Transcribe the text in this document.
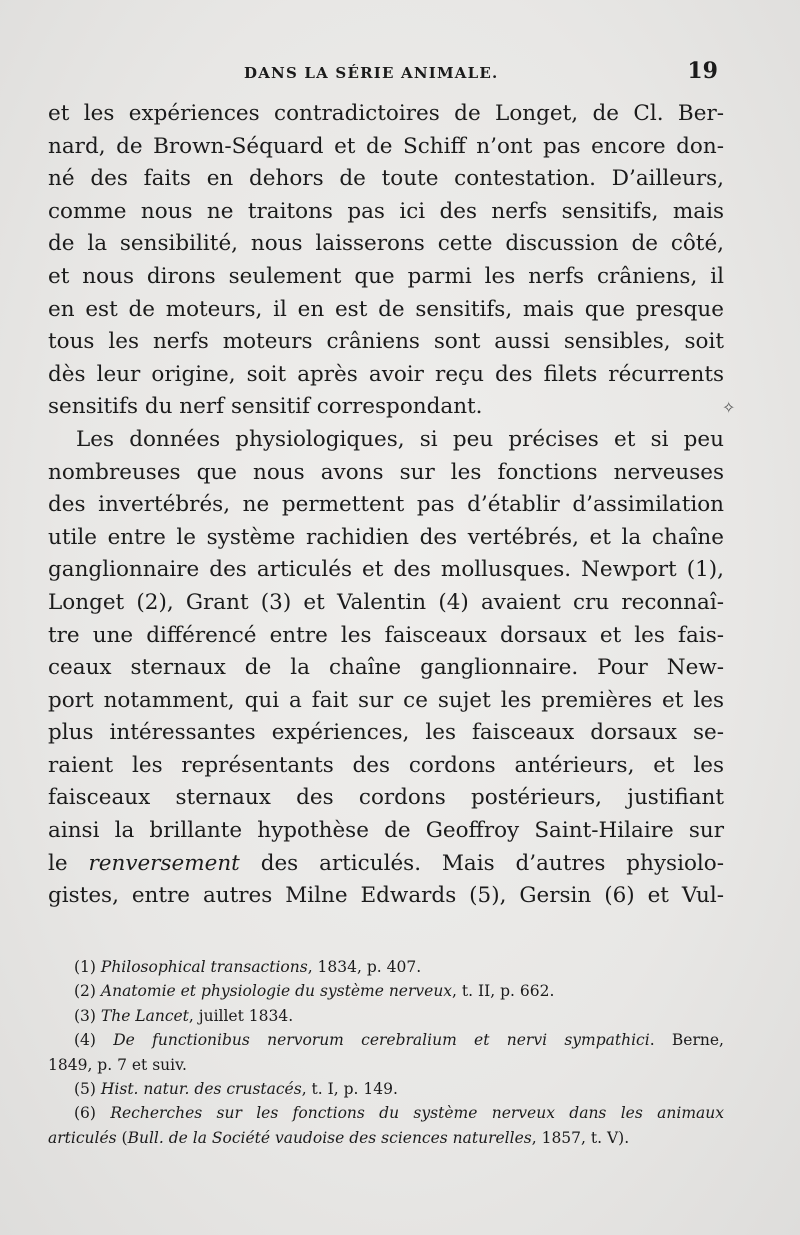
DANS LA SÉRIE ANIMALE.	19
et les expériences contradictoires de Longet, de Cl. Ber-
nard, de Brown-Séquard et de Schiff n’ont pas encore don-
né des faits en dehors de toute contestation. D’ailleurs,
comme nous ne traitons pas ici des nerfs sensitifs, mais
de la sensibilité, nous laisserons cette discussion de côté,
et nous dirons seulement que parmi les nerfs crâniens, il
en est de moteurs, il en est de sensitifs, mais que presque
tous les nerfs moteurs crâniens sont aussi sensibles, soit
dès leur origine, soit après avoir reçu des filets récurrents
sensitifs du nerf sensitif correspondant.
Les données physiologiques, si peu précises et si peu
nombreuses que nous avons sur les fonctions nerveuses
des invertébrés, ne permettent pas d’établir d’assimilation
utile entre le système rachidien des vertébrés, et la chaîne
ganglionnaire des articulés et des mollusques. Newport (1),
Longet (2), Grant (3) et Valentin (4) avaient cru reconnaî-
tre une différencé entre les faisceaux dorsaux et les fais-
ceaux sternaux de la chaîne ganglionnaire. Pour New-
port notamment, qui a fait sur ce sujet les premières et les
plus intéressantes expériences, les faisceaux dorsaux se-
raient les représentants des cordons antérieurs, et les
faisceaux sternaux des cordons postérieurs, justifiant
ainsi la brillante hypothèse de Geoffroy Saint-Hilaire sur
le renversement des articulés. Mais d’autres physiolo-
gistes, entre autres Milne Edwards (5), Gersin (6) et Vul-
(1) Philosophical transactions, 1834, p. 407.
(2) Anatomie et physiologie du système nerveux, t. II, p. 662.
(3) The Lancet, juillet 1834.
(4) De functionibus nervorum cerebralium et nervi sympathici. Berne,
1849, p. 7 et suiv.
(5) Hist. natur. des crustacés, t. I, p. 149.
(6) Recherches sur les fonctions du système nerveux dans les animaux
articulés (Bull. de la Société vaudoise des sciences naturelles, 1857, t. V).
✧
